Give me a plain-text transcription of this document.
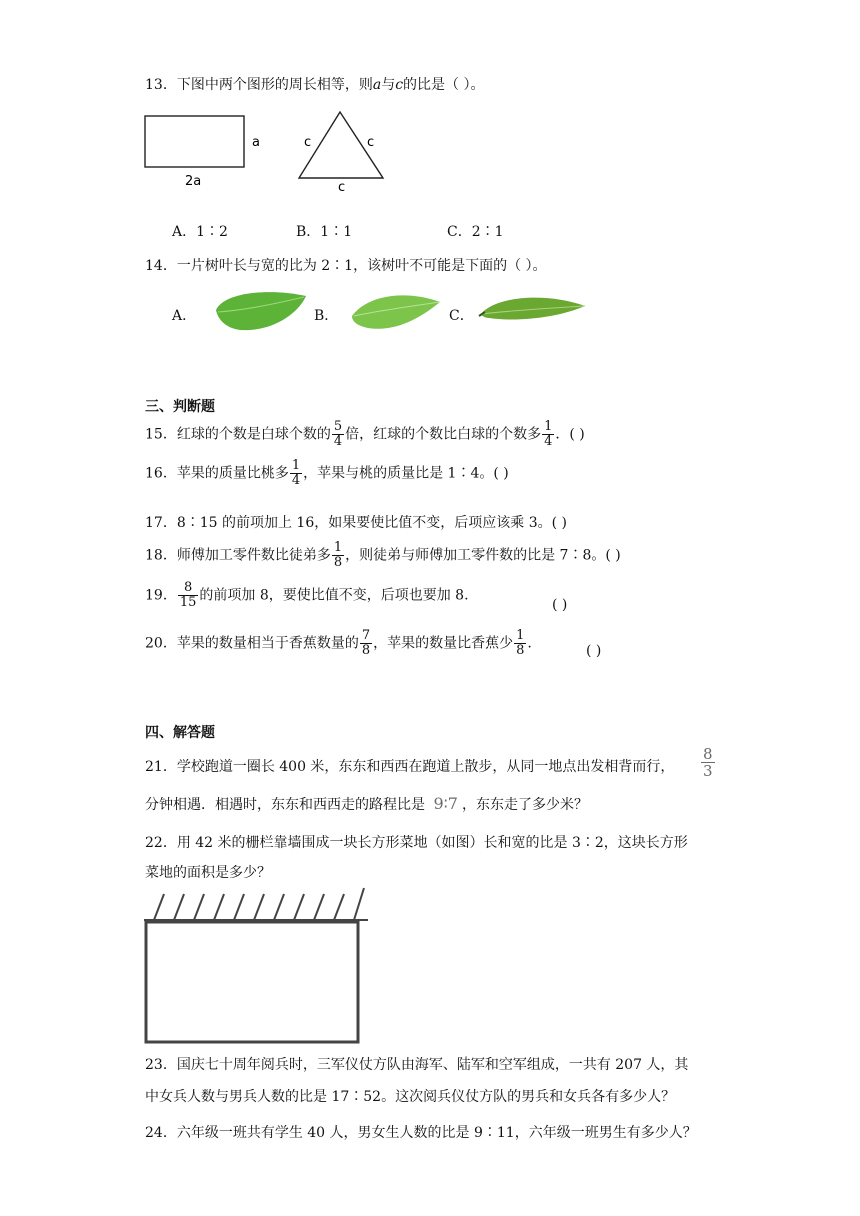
13．下图中两个图形的周长相等，则a与c的比是（ ）。
a
2a
c	c
c
A．1∶2	B．1∶1	C．2∶1
14．一片树叶长与宽的比为 2∶1，该树叶不可能是下面的（ ）。
A．	B．	C．
三、判断题
15．红球的个数是白球个数的 $\frac{5}{4}$ 倍，红球的个数比白球的个数多 $\frac{1}{4}$ ．( )
16．苹果的质量比桃多 $\frac{1}{4}$ ，苹果与桃的质量比是 1∶4。( )
17．8∶15 的前项加上 16，如果要使比值不变，后项应该乘 3。( )
18．师傅加工零件数比徒弟多 $\frac{1}{8}$ ，则徒弟与师傅加工零件数的比是 7∶8。( )
19． $\frac{8}{15}$ 的前项加 8，要使比值不变，后项也要加 8.
( )
20．苹果的数量相当于香蕉数量的 $\frac{7}{8}$ ，苹果的数量比香蕉少 $\frac{1}{8}$ .	( )
四、解答题
21．学校跑道一圈长 400 米，东东和西西在跑道上散步，从同一地点出发相背而行， $\frac{8}{3}$
分钟相遇．相遇时，东东和西西走的路程比是 9∶7 ，东东走了多少米？
22．用 42 米的栅栏靠墙围成一块长方形菜地（如图）长和宽的比是 3∶2，这块长方形
菜地的面积是多少？
23．国庆七十周年阅兵时，三军仪仗方队由海军、陆军和空军组成，一共有 207 人，其
中女兵人数与男兵人数的比是 17∶52。这次阅兵仪仗方队的男兵和女兵各有多少人？
24．六年级一班共有学生 40 人，男女生人数的比是 9∶11，六年级一班男生有多少人？
